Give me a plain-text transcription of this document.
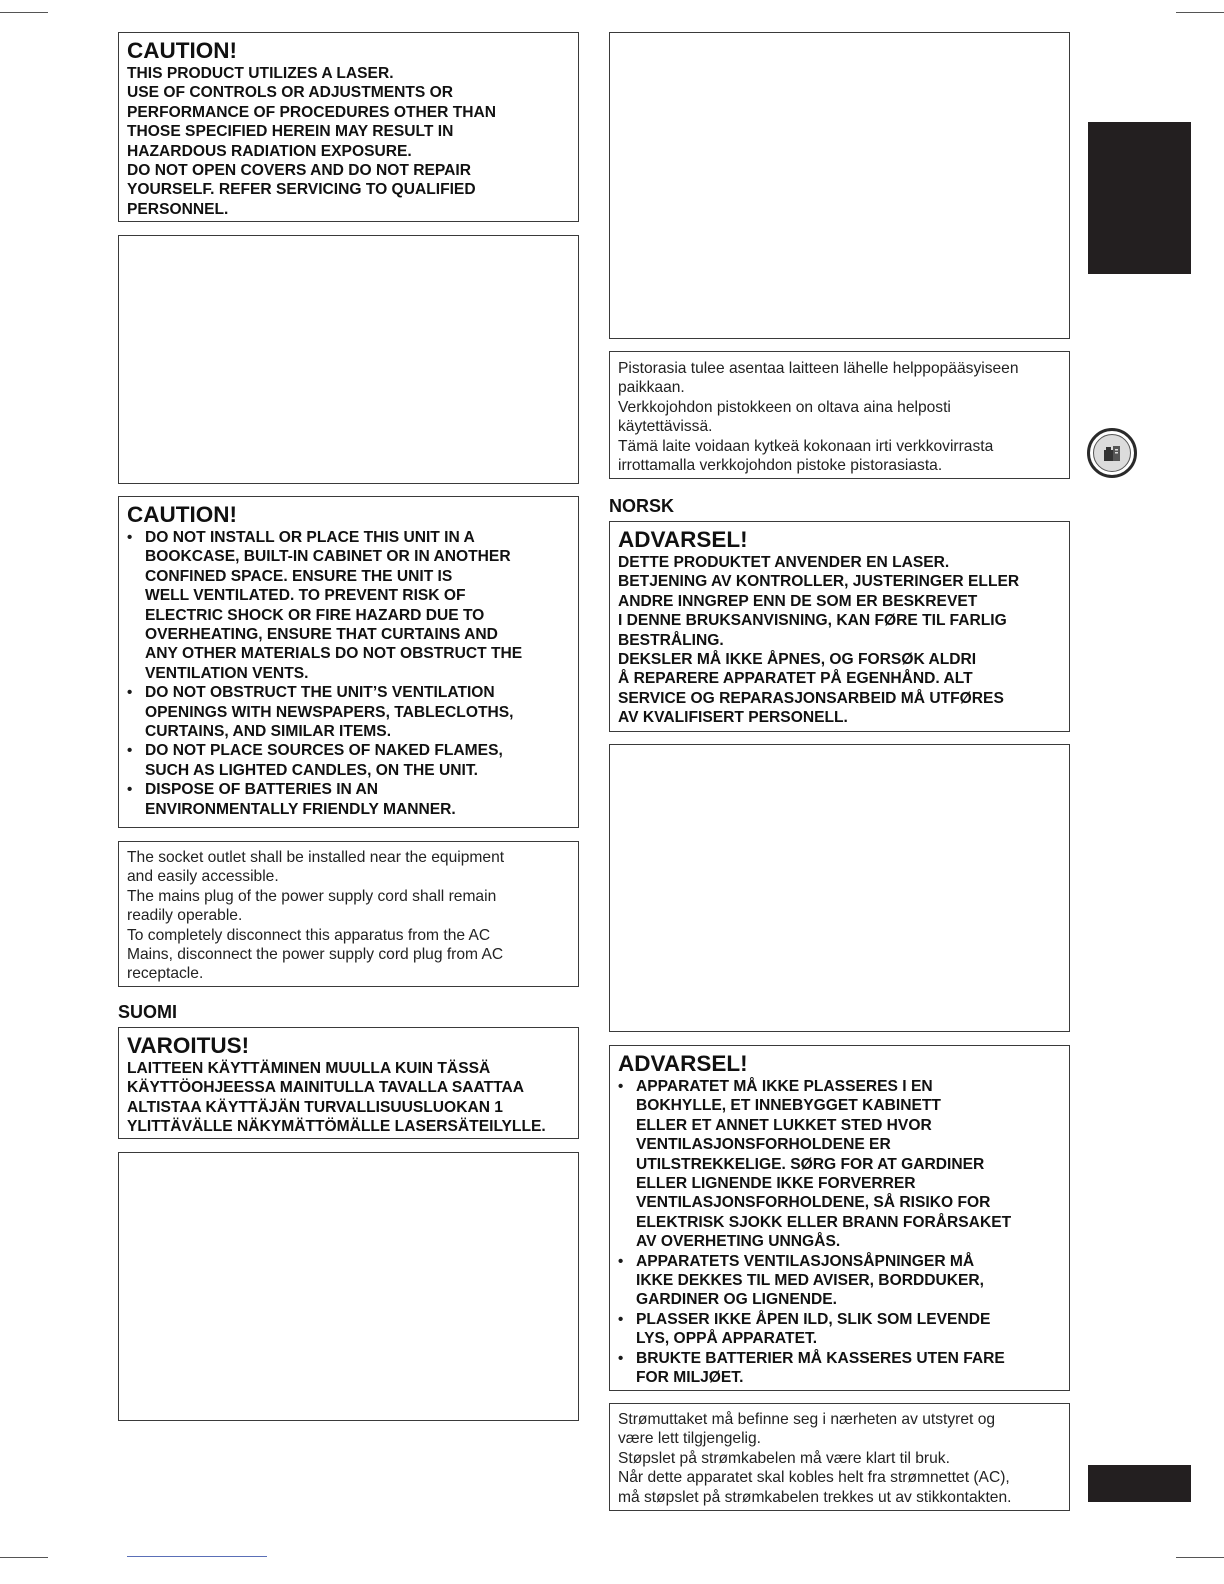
CAUTION!
THIS PRODUCT UTILIZES A LASER.
USE OF CONTROLS OR ADJUSTMENTS OR
PERFORMANCE OF PROCEDURES OTHER THAN
THOSE SPECIFIED HEREIN MAY RESULT IN
HAZARDOUS RADIATION EXPOSURE.
DO NOT OPEN COVERS AND DO NOT REPAIR
YOURSELF. REFER SERVICING TO QUALIFIED
PERSONNEL.
CAUTION!
• DO NOT INSTALL OR PLACE THIS UNIT IN A
BOOKCASE, BUILT-IN CABINET OR IN ANOTHER
CONFINED SPACE. ENSURE THE UNIT IS
WELL VENTILATED. TO PREVENT RISK OF
ELECTRIC SHOCK OR FIRE HAZARD DUE TO
OVERHEATING, ENSURE THAT CURTAINS AND
ANY OTHER MATERIALS DO NOT OBSTRUCT THE
VENTILATION VENTS.
• DO NOT OBSTRUCT THE UNIT’S VENTILATION
OPENINGS WITH NEWSPAPERS, TABLECLOTHS,
CURTAINS, AND SIMILAR ITEMS.
• DO NOT PLACE SOURCES OF NAKED FLAMES,
SUCH AS LIGHTED CANDLES, ON THE UNIT.
• DISPOSE OF BATTERIES IN AN
ENVIRONMENTALLY FRIENDLY MANNER.
The socket outlet shall be installed near the equipment
and easily accessible.
The mains plug of the power supply cord shall remain
readily operable.
To completely disconnect this apparatus from the AC
Mains, disconnect the power supply cord plug from AC
receptacle.
SUOMI
VAROITUS!
LAITTEEN KÄYTTÄMINEN MUULLA KUIN TÄSSÄ
KÄYTTÖOHJEESSA MAINITULLA TAVALLA SAATTAA
ALTISTAA KÄYTTÄJÄN TURVALLISUUSLUOKAN 1
YLITTÄVÄLLE NÄKYMÄTTÖMÄLLE LASERSÄTEILYLLE.
Pistorasia tulee asentaa laitteen lähelle helppopääsyiseen
paikkaan.
Verkkojohdon pistokkeen on oltava aina helposti
käytettävissä.
Tämä laite voidaan kytkeä kokonaan irti verkkovirrasta
irrottamalla verkkojohdon pistoke pistorasiasta.
NORSK
ADVARSEL!
DETTE PRODUKTET ANVENDER EN LASER.
BETJENING AV KONTROLLER, JUSTERINGER ELLER
ANDRE INNGREP ENN DE SOM ER BESKREVET
I DENNE BRUKSANVISNING, KAN FØRE TIL FARLIG
BESTRÅLING.
DEKSLER MÅ IKKE ÅPNES, OG FORSØK ALDRI
Å REPARERE APPARATET PÅ EGENHÅND. ALT
SERVICE OG REPARASJONSARBEID MÅ UTFØRES
AV KVALIFISERT PERSONELL.
ADVARSEL!
• APPARATET MÅ IKKE PLASSERES I EN
BOKHYLLE, ET INNEBYGGET KABINETT
ELLER ET ANNET LUKKET STED HVOR
VENTILASJONSFORHOLDENE ER
UTILSTREKKELIGE. SØRG FOR AT GARDINER
ELLER LIGNENDE IKKE FORVERRER
VENTILASJONSFORHOLDENE, SÅ RISIKO FOR
ELEKTRISK SJOKK ELLER BRANN FORÅRSAKET
AV OVERHETING UNNGÅS.
• APPARATETS VENTILASJONSÅPNINGER MÅ
IKKE DEKKES TIL MED AVISER, BORDDUKER,
GARDINER OG LIGNENDE.
• PLASSER IKKE ÅPEN ILD, SLIK SOM LEVENDE
LYS, OPPÅ APPARATET.
• BRUKTE BATTERIER MÅ KASSERES UTEN FARE
FOR MILJØET.
Strømuttaket må befinne seg i nærheten av utstyret og
være lett tilgjengelig.
Støpslet på strømkabelen må være klart til bruk.
Når dette apparatet skal kobles helt fra strømnettet (AC),
må støpslet på strømkabelen trekkes ut av stikkontakten.
